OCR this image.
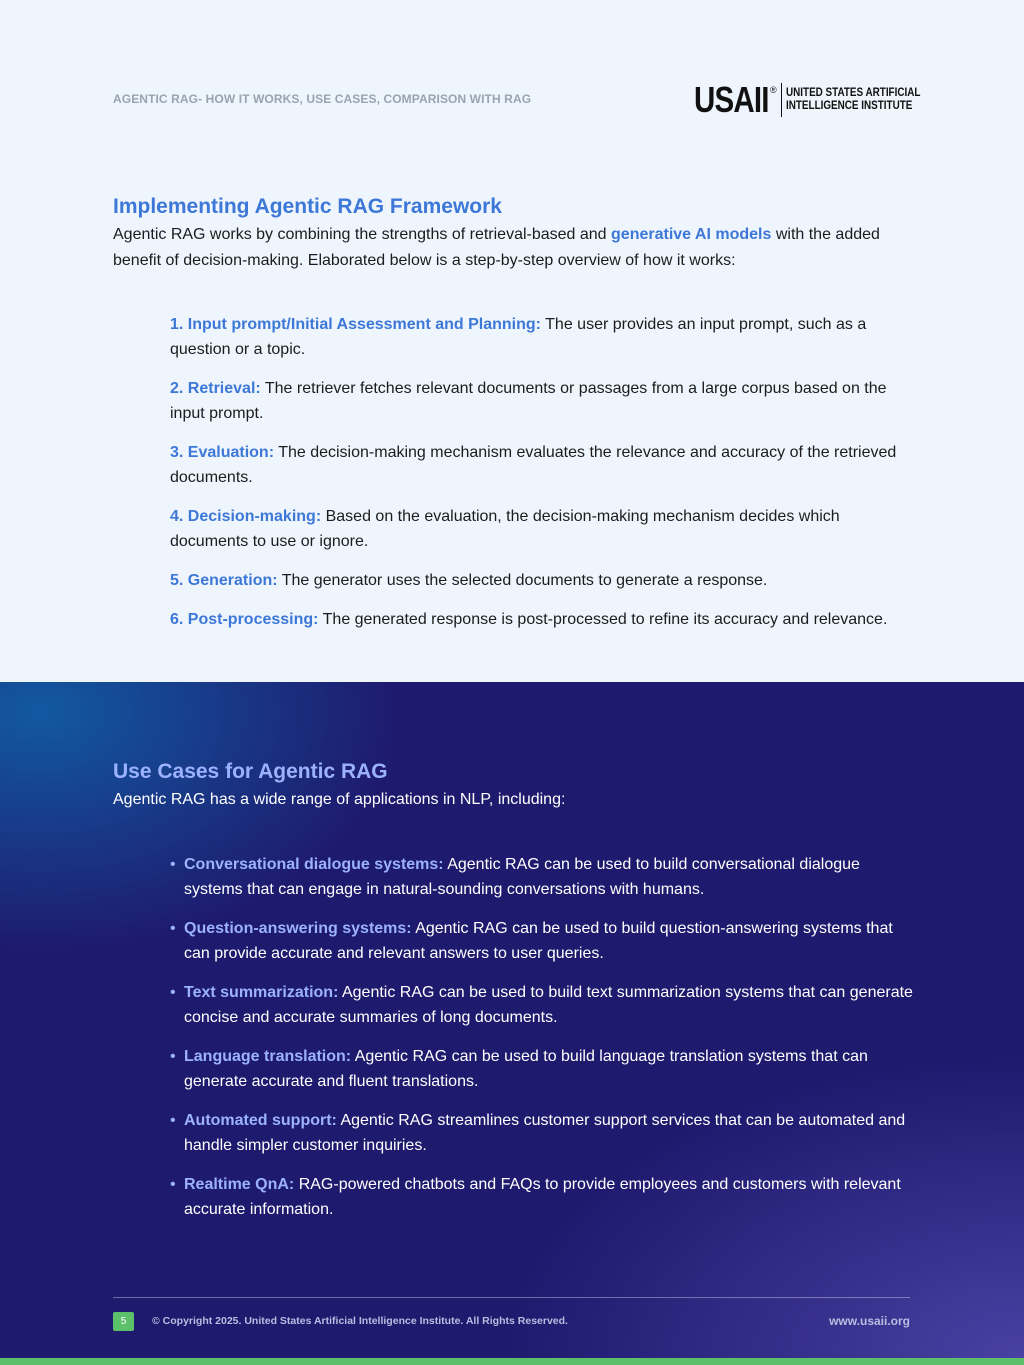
AGENTIC RAG- HOW IT WORKS, USE CASES, COMPARISON WITH RAG	USAII ® UNITED STATES ARTIFICIAL
INTELLIGENCE INSTITUTE
Implementing Agentic RAG Framework
Agentic RAG works by combining the strengths of retrieval-based and generative AI models with the added benefit of decision-making. Elaborated below is a step-by-step overview of how it works:
1. Input prompt/Initial Assessment and Planning: The user provides an input prompt, such as a question or a topic.
2. Retrieval: The retriever fetches relevant documents or passages from a large corpus based on the input prompt.
3. Evaluation: The decision-making mechanism evaluates the relevance and accuracy of the retrieved documents.
4. Decision-making: Based on the evaluation, the decision-making mechanism decides which documents to use or ignore.
5. Generation: The generator uses the selected documents to generate a response.
6. Post-processing: The generated response is post-processed to refine its accuracy and relevance.
Use Cases for Agentic RAG
Agentic RAG has a wide range of applications in NLP, including:
• Conversational dialogue systems: Agentic RAG can be used to build conversational dialogue systems that can engage in natural-sounding conversations with humans.
• Question-answering systems: Agentic RAG can be used to build question-answering systems that can provide accurate and relevant answers to user queries.
• Text summarization: Agentic RAG can be used to build text summarization systems that can generate concise and accurate summaries of long documents.
• Language translation: Agentic RAG can be used to build language translation systems that can generate accurate and fluent translations.
• Automated support: Agentic RAG streamlines customer support services that can be automated and handle simpler customer inquiries.
• Realtime QnA: RAG-powered chatbots and FAQs to provide employees and customers with relevant accurate information.
5	© Copyright 2025. United States Artificial Intelligence Institute. All Rights Reserved.	www.usaii.org
